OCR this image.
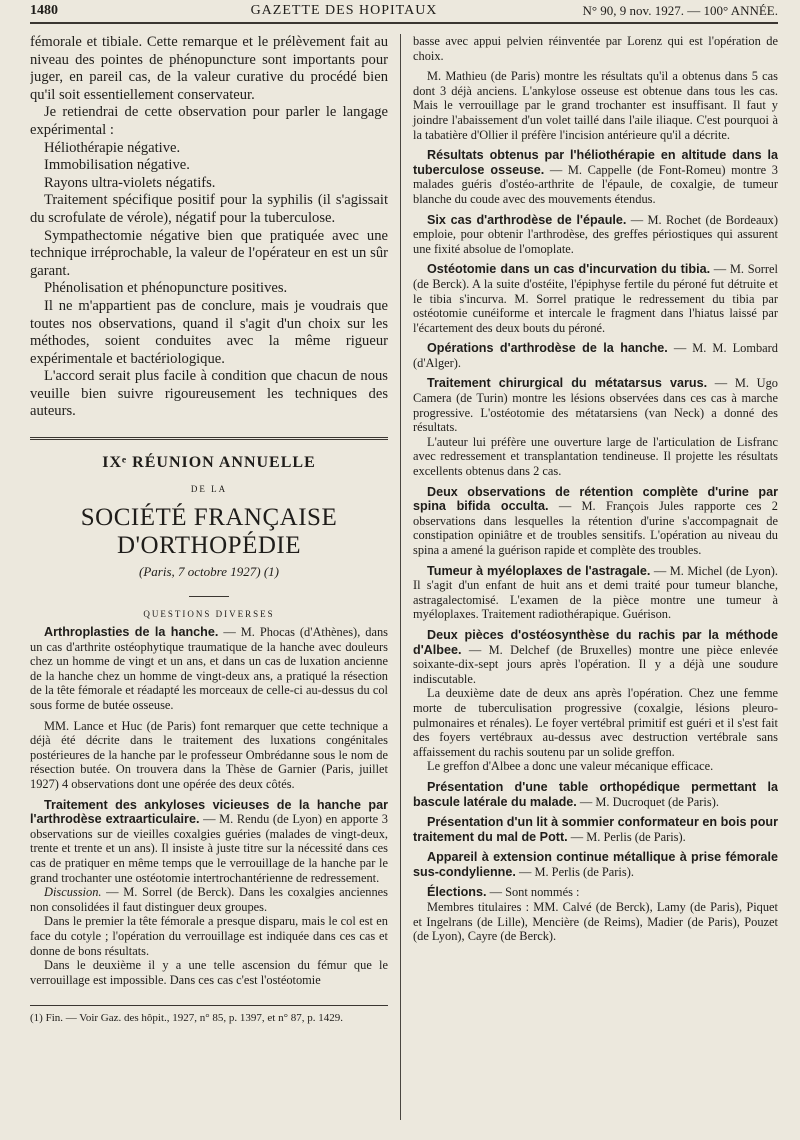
1480	GAZETTE DES HOPITAUX	N° 90, 9 nov. 1927. — 100° ANNÉE.

fémorale et tibiale. Cette remarque et le prélèvement fait au niveau des pointes de phénopuncture sont importants pour juger, en pareil cas, de la valeur curative du procédé bien qu'il soit essentiellement conservateur.

Je retiendrai de cette observation pour parler le langage expérimental :

Héliothérapie négative.

Immobilisation négative.

Rayons ultra-violets négatifs.

Traitement spécifique positif pour la syphilis (il s'agissait du scrofulate de vérole), négatif pour la tuberculose.

Sympathectomie négative bien que pratiquée avec une technique irréprochable, la valeur de l'opérateur en est un sûr garant.

Phénolisation et phénopuncture positives.

Il ne m'appartient pas de conclure, mais je voudrais que toutes nos observations, quand il s'agit d'un choix sur les méthodes, soient conduites avec la même rigueur expérimentale et bactériologique.

L'accord serait plus facile à condition que chacun de nous veuille bien suivre rigoureusement les techniques des auteurs.

IXᵉ RÉUNION ANNUELLE
DE LA
SOCIÉTÉ FRANÇAISE D'ORTHOPÉDIE
(Paris, 7 octobre 1927) (1)
QUESTIONS DIVERSES

Arthroplasties de la hanche. — M. Phocas (d'Athènes), dans un cas d'arthrite ostéophytique traumatique de la hanche avec douleurs chez un homme de vingt et un ans, et dans un cas de luxation ancienne de la hanche chez un homme de vingt-deux ans, a pratiqué la résection de la tête fémorale et réadapté les morceaux de celle-ci au-dessus du col sous forme de butée osseuse.

MM. Lance et Huc (de Paris) font remarquer que cette technique a déjà été décrite dans le traitement des luxations congénitales postérieures de la hanche par le professeur Ombrédanne sous le nom de résection butée. On trouvera dans la Thèse de Garnier (Paris, juillet 1927) 4 observations dont une opérée des deux côtés.

Traitement des ankyloses vicieuses de la hanche par l'arthrodèse extraarticulaire. — M. Rendu (de Lyon) en apporte 3 observations sur de vieilles coxalgies guéries (malades de vingt-deux, trente et trente et un ans). Il insiste à juste titre sur la nécessité dans ces cas de pratiquer en même temps que le verrouillage de la hanche par le grand trochanter une ostéotomie intertrochantérienne de redressement.

Discussion. — M. Sorrel (de Berck). Dans les coxalgies anciennes non consolidées il faut distinguer deux groupes.

Dans le premier la tête fémorale a presque disparu, mais le col est en face du cotyle ; l'opération du verrouillage est indiquée dans ces cas et donne de bons résultats.

Dans le deuxième il y a une telle ascension du fémur que le verrouillage est impossible. Dans ces cas c'est l'ostéotomie

(1) Fin. — Voir Gaz. des hôpit., 1927, n° 85, p. 1397, et n° 87, p. 1429.

basse avec appui pelvien réinventée par Lorenz qui est l'opération de choix.

M. Mathieu (de Paris) montre les résultats qu'il a obtenus dans 5 cas dont 3 déjà anciens. L'ankylose osseuse est obtenue dans tous les cas. Mais le verrouillage par le grand trochanter est insuffisant. Il faut y joindre l'abaissement d'un volet taillé dans l'aile iliaque. C'est pourquoi à la tabatière d'Ollier il préfère l'incision antérieure qu'il a décrite.

Résultats obtenus par l'héliothérapie en altitude dans la tuberculose osseuse. — M. Cappelle (de Font-Romeu) montre 3 malades guéris d'ostéo-arthrite de l'épaule, de coxalgie, de tumeur blanche du coude avec des mouvements étendus.

Six cas d'arthrodèse de l'épaule. — M. Rochet (de Bordeaux) emploie, pour obtenir l'arthrodèse, des greffes périostiques qui assurent une fixité absolue de l'omoplate.

Ostéotomie dans un cas d'incurvation du tibia. — M. Sorrel (de Berck). A la suite d'ostéite, l'épiphyse fertile du péroné fut détruite et le tibia s'incurva. M. Sorrel pratique le redressement du tibia par ostéotomie cunéiforme et intercale le fragment dans l'hiatus laissé par l'écartement des deux bouts du péroné.

Opérations d'arthrodèse de la hanche. — M. M. Lombard (d'Alger).

Traitement chirurgical du métatarsus varus. — M. Ugo Camera (de Turin) montre les lésions observées dans ces cas à marche progressive. L'ostéotomie des métatarsiens (van Neck) a donné des résultats.

L'auteur lui préfère une ouverture large de l'articulation de Lisfranc avec redressement et transplantation tendineuse. Il projette les résultats excellents obtenus dans 2 cas.

Deux observations de rétention complète d'urine par spina bifida occulta. — M. François Jules rapporte ces 2 observations dans lesquelles la rétention d'urine s'accompagnait de constipation opiniâtre et de troubles sensitifs. L'opération au niveau du spina a amené la guérison rapide et complète des troubles.

Tumeur à myéloplaxes de l'astragale. — M. Michel (de Lyon). Il s'agit d'un enfant de huit ans et demi traité pour tumeur blanche, astragalectomisé. L'examen de la pièce montre une tumeur à myéloplaxes. Traitement radiothérapique. Guérison.

Deux pièces d'ostéosynthèse du rachis par la méthode d'Albee. — M. Delchef (de Bruxelles) montre une pièce enlevée soixante-dix-sept jours après l'opération. Il y a déjà une soudure indiscutable.

La deuxième date de deux ans après l'opération. Chez une femme morte de tuberculisation progressive (coxalgie, lésions pleuro-pulmonaires et rénales). Le foyer vertébral primitif est guéri et il s'est fait des foyers vertébraux au-dessus avec destruction vertébrale sans affaissement du rachis soutenu par un solide greffon.

Le greffon d'Albee a donc une valeur mécanique efficace.

Présentation d'une table orthopédique permettant la bascule latérale du malade. — M. Ducroquet (de Paris).

Présentation d'un lit à sommier conformateur en bois pour traitement du mal de Pott. — M. Perlis (de Paris).

Appareil à extension continue métallique à prise fémorale sus-condylienne. — M. Perlis (de Paris).

Élections. — Sont nommés :

Membres titulaires : MM. Calvé (de Berck), Lamy (de Paris), Piquet et Ingelrans (de Lille), Mencière (de Reims), Madier (de Paris), Pouzet (de Lyon), Cayre (de Berck).
